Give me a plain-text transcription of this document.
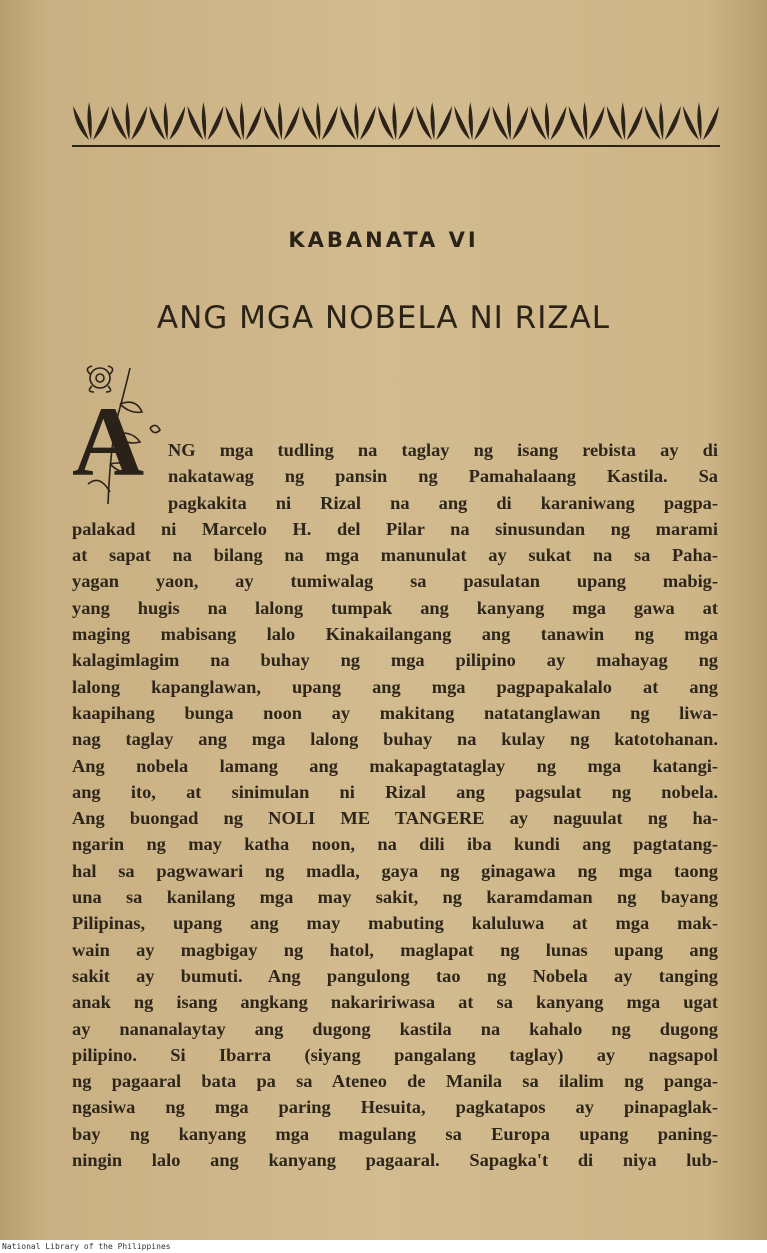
KABANATA VI
ANG MGA NOBELA NI RIZAL
A NG mga tudling na taglay ng isang rebista ay di
nakatawag ng pansin ng Pamahalaang Kastila. Sa
pagkakita ni Rizal na ang di karaniwang pagpa-
palakad ni Marcelo H. del Pilar na sinusundan ng marami
at sapat na bilang na mga manunulat ay sukat na sa Paha-
yagan yaon, ay tumiwalag sa pasulatan upang mabig-
yang hugis na lalong tumpak ang kanyang mga gawa at
maging mabisang lalo Kinakailangang ang tanawin ng mga
kalagimlagim na buhay ng mga pilipino ay mahayag ng
lalong kapanglawan, upang ang mga pagpapakalalo at ang
kaapihang bunga noon ay makitang natatanglawan ng liwa-
nag taglay ang mga lalong buhay na kulay ng katotohanan.
Ang nobela lamang ang makapagtataglay ng mga katangi-
ang ito, at sinimulan ni Rizal ang pagsulat ng nobela.
Ang buongad ng NOLI ME TANGERE ay naguulat ng ha-
ngarin ng may katha noon, na dili iba kundi ang pagtatang-
hal sa pagwawari ng madla, gaya ng ginagawa ng mga taong
una sa kanilang mga may sakit, ng karamdaman ng bayang
Pilipinas, upang ang may mabuting kaluluwa at mga mak-
wain ay magbigay ng hatol, maglapat ng lunas upang ang
sakit ay bumuti. Ang pangulong tao ng Nobela ay tanging
anak ng isang angkang nakaririwasa at sa kanyang mga ugat
ay nananalaytay ang dugong kastila na kahalo ng dugong
pilipino. Si Ibarra (siyang pangalang taglay) ay nagsapol
ng pagaaral bata pa sa Ateneo de Manila sa ilalim ng panga-
ngasiwa ng mga paring Hesuita, pagkatapos ay pinapaglak-
bay ng kanyang mga magulang sa Europa upang paning-
ningin lalo ang kanyang pagaaral. Sapagka't di niya lub-
National Library of the Philippines
